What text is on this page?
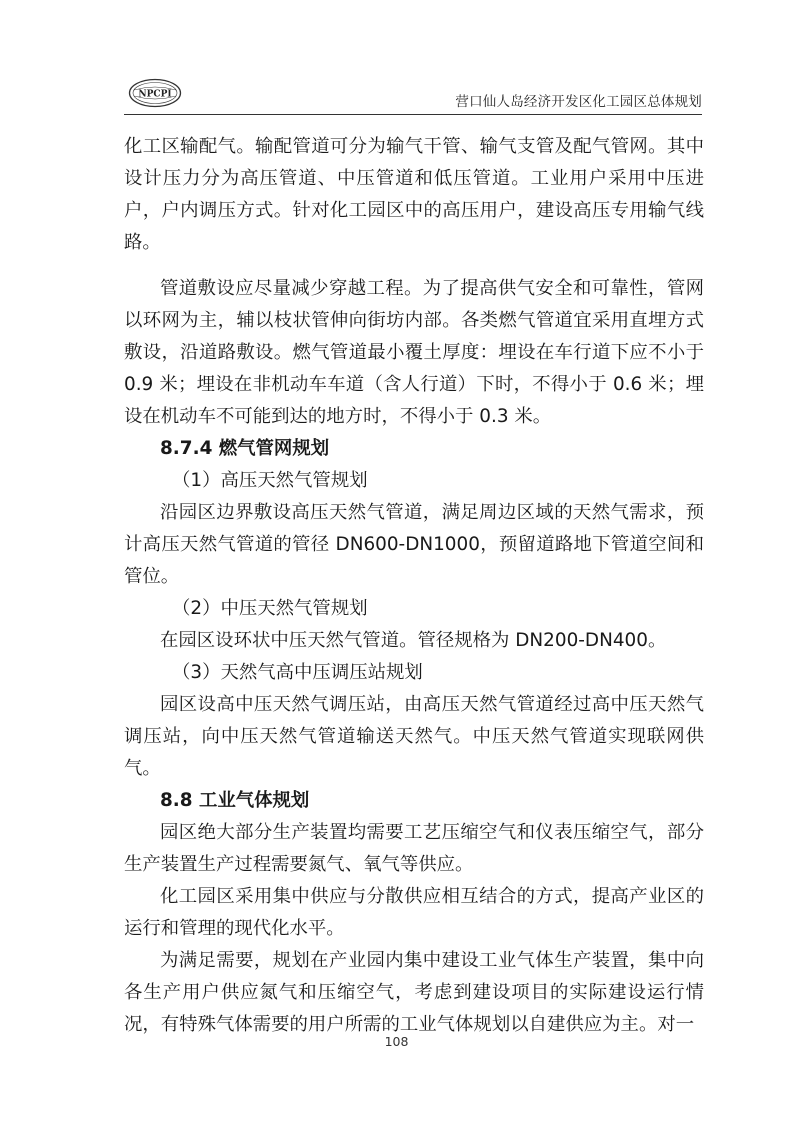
NPCPI	营口仙人岛经济开发区化工园区总体规划

化工区输配气。输配管道可分为输气干管、输气支管及配气管网。其中设计压力分为高压管道、中压管道和低压管道。工业用户采用中压进户，户内调压方式。针对化工园区中的高压用户，建设高压专用输气线路。

管道敷设应尽量减少穿越工程。为了提高供气安全和可靠性，管网以环网为主，辅以枝状管伸向街坊内部。各类燃气管道宜采用直埋方式敷设，沿道路敷设。燃气管道最小覆土厚度：埋设在车行道下应不小于0.9 米；埋设在非机动车车道（含人行道）下时，不得小于 0.6 米；埋设在机动车不可能到达的地方时，不得小于 0.3 米。

8.7.4 燃气管网规划

（1）高压天然气管规划

沿园区边界敷设高压天然气管道，满足周边区域的天然气需求，预计高压天然气管道的管径 DN600-DN1000，预留道路地下管道空间和管位。

（2）中压天然气管规划

在园区设环状中压天然气管道。管径规格为 DN200-DN400。

（3）天然气高中压调压站规划

园区设高中压天然气调压站，由高压天然气管道经过高中压天然气调压站，向中压天然气管道输送天然气。中压天然气管道实现联网供气。

8.8 工业气体规划

园区绝大部分生产装置均需要工艺压缩空气和仪表压缩空气，部分生产装置生产过程需要氮气、氧气等供应。

化工园区采用集中供应与分散供应相互结合的方式，提高产业区的运行和管理的现代化水平。

为满足需要，规划在产业园内集中建设工业气体生产装置，集中向各生产用户供应氮气和压缩空气，考虑到建设项目的实际建设运行情况，有特殊气体需要的用户所需的工业气体规划以自建供应为主。对一

108
